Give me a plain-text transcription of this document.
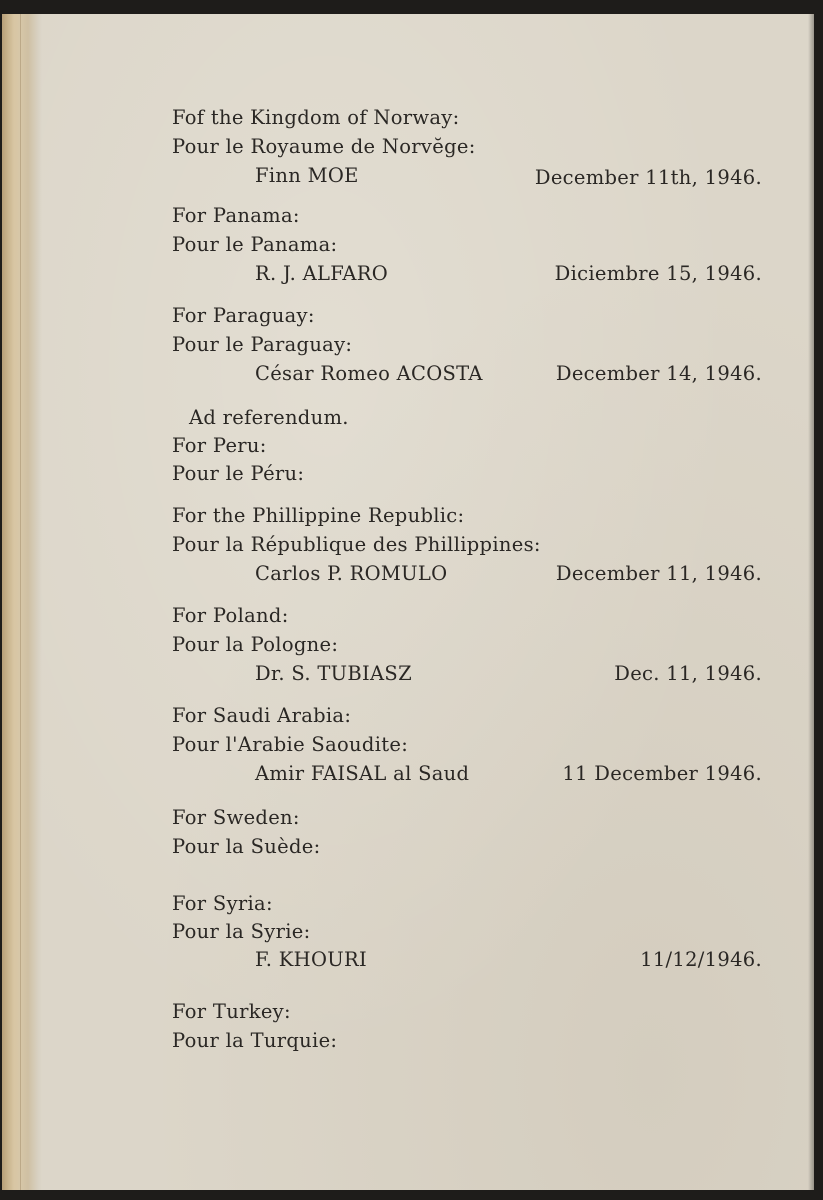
Fof the Kingdom of Norway:
Pour le Royaume de Norvĕge:
Finn MOE	December 11th, 1946.
For Panama:
Pour le Panama:
R. J. ALFARO	Diciembre 15, 1946.
For Paraguay:
Pour le Paraguay:
César Romeo ACOSTA	December 14, 1946.
Ad referendum.
For Peru:
Pour le Péru:
For the Phillippine Republic:
Pour la République des Phillippines:
Carlos P. ROMULO	December 11, 1946.
For Poland:
Pour la Pologne:
Dr. S. TUBIASZ	Dec. 11, 1946.
For Saudi Arabia:
Pour l'Arabie Saoudite:
Amir FAISAL al Saud	11 December 1946.
For Sweden:
Pour la Suède:
For Syria:
Pour la Syrie:
F. KHOURI	11/12/1946.
For Turkey:
Pour la Turquie:
